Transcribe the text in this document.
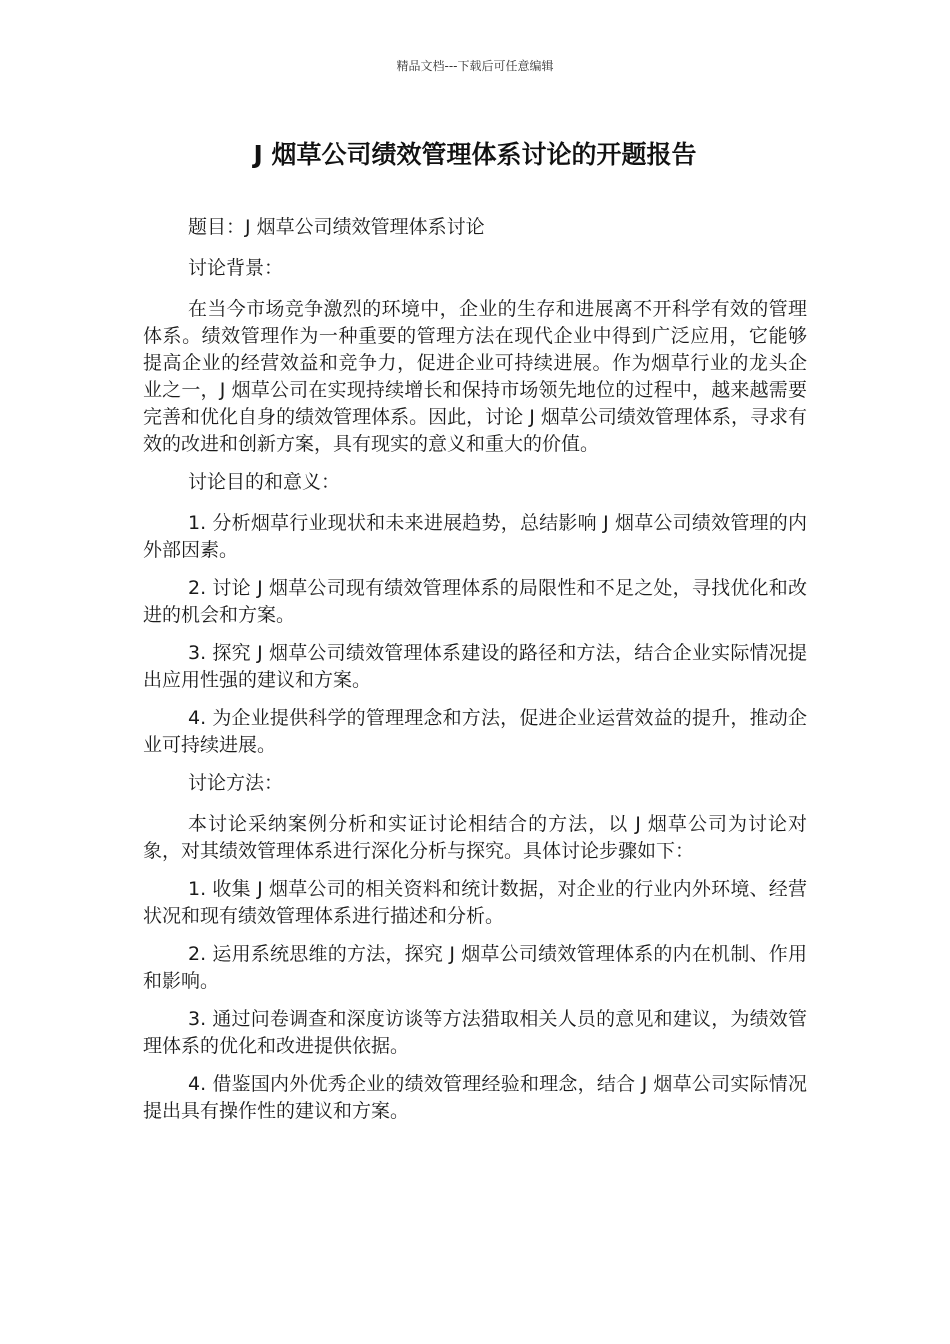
精品文档---下载后可任意编辑
J 烟草公司绩效管理体系讨论的开题报告

题目：J 烟草公司绩效管理体系讨论

讨论背景：

在当今市场竞争激烈的环境中，企业的生存和进展离不开科学有效的管理体系。绩效管理作为一种重要的管理方法在现代企业中得到广泛应用，它能够提高企业的经营效益和竞争力，促进企业可持续进展。作为烟草行业的龙头企业之一，J 烟草公司在实现持续增长和保持市场领先地位的过程中，越来越需要完善和优化自身的绩效管理体系。因此，讨论 J 烟草公司绩效管理体系，寻求有效的改进和创新方案，具有现实的意义和重大的价值。

讨论目的和意义：

1. 分析烟草行业现状和未来进展趋势，总结影响 J 烟草公司绩效管理的内外部因素。

2. 讨论 J 烟草公司现有绩效管理体系的局限性和不足之处，寻找优化和改进的机会和方案。

3. 探究 J 烟草公司绩效管理体系建设的路径和方法，结合企业实际情况提出应用性强的建议和方案。

4. 为企业提供科学的管理理念和方法，促进企业运营效益的提升，推动企业可持续进展。

讨论方法：

本讨论采纳案例分析和实证讨论相结合的方法，以 J 烟草公司为讨论对象，对其绩效管理体系进行深化分析与探究。具体讨论步骤如下：

1. 收集 J 烟草公司的相关资料和统计数据，对企业的行业内外环境、经营状况和现有绩效管理体系进行描述和分析。

2. 运用系统思维的方法，探究 J 烟草公司绩效管理体系的内在机制、作用和影响。

3. 通过问卷调查和深度访谈等方法猎取相关人员的意见和建议，为绩效管理体系的优化和改进提供依据。

4. 借鉴国内外优秀企业的绩效管理经验和理念，结合 J 烟草公司实际情况提出具有操作性的建议和方案。
